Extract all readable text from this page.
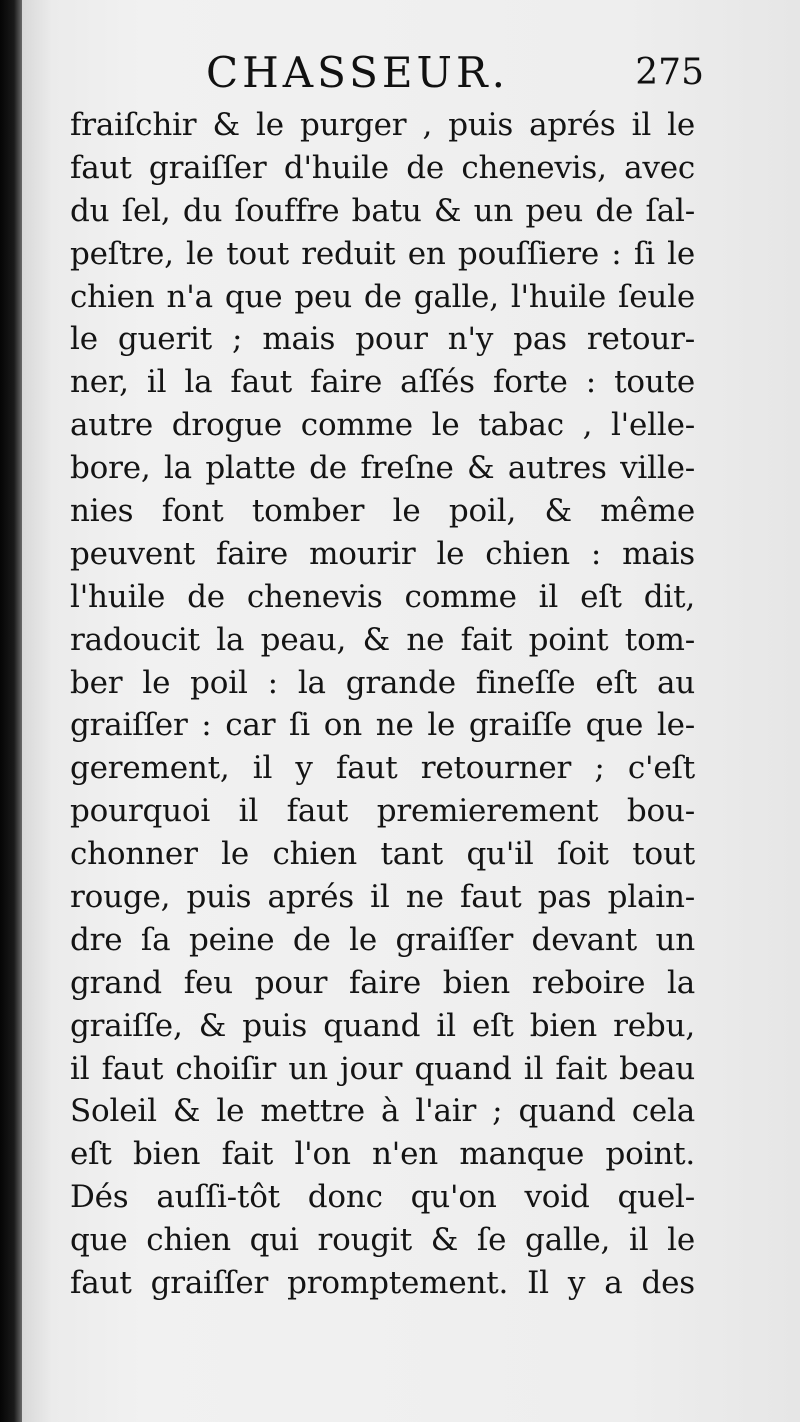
CHASSEUR.	275
fraiſchir & le purger , puis aprés il le
faut graiſſer d'huile de chenevis, avec
du ſel, du ſouffre batu & un peu de ſal-
peſtre, le tout reduit en pouſſiere : ſi le
chien n'a que peu de galle, l'huile ſeule
le guerit ; mais pour n'y pas retour-
ner, il la faut faire aſſés forte : toute
autre drogue comme le tabac , l'elle-
bore, la platte de freſne & autres ville-
nies font tomber le poil, & même
peuvent faire mourir le chien : mais
l'huile de chenevis comme il eſt dit,
radoucit la peau, & ne fait point tom-
ber le poil : la grande fineſſe eſt au
graiſſer : car ſi on ne le graiſſe que le-
gerement, il y faut retourner ; c'eſt
pourquoi il faut premierement bou-
chonner le chien tant qu'il ſoit tout
rouge, puis aprés il ne faut pas plain-
dre ſa peine de le graiſſer devant un
grand feu pour faire bien reboire la
graiſſe, & puis quand il eſt bien rebu,
il faut choiſir un jour quand il fait beau
Soleil & le mettre à l'air ; quand cela
eſt bien fait l'on n'en manque point.
Dés auſſi-tôt donc qu'on void quel-
que chien qui rougit & ſe galle, il le
faut graiſſer promptement. Il y a des
